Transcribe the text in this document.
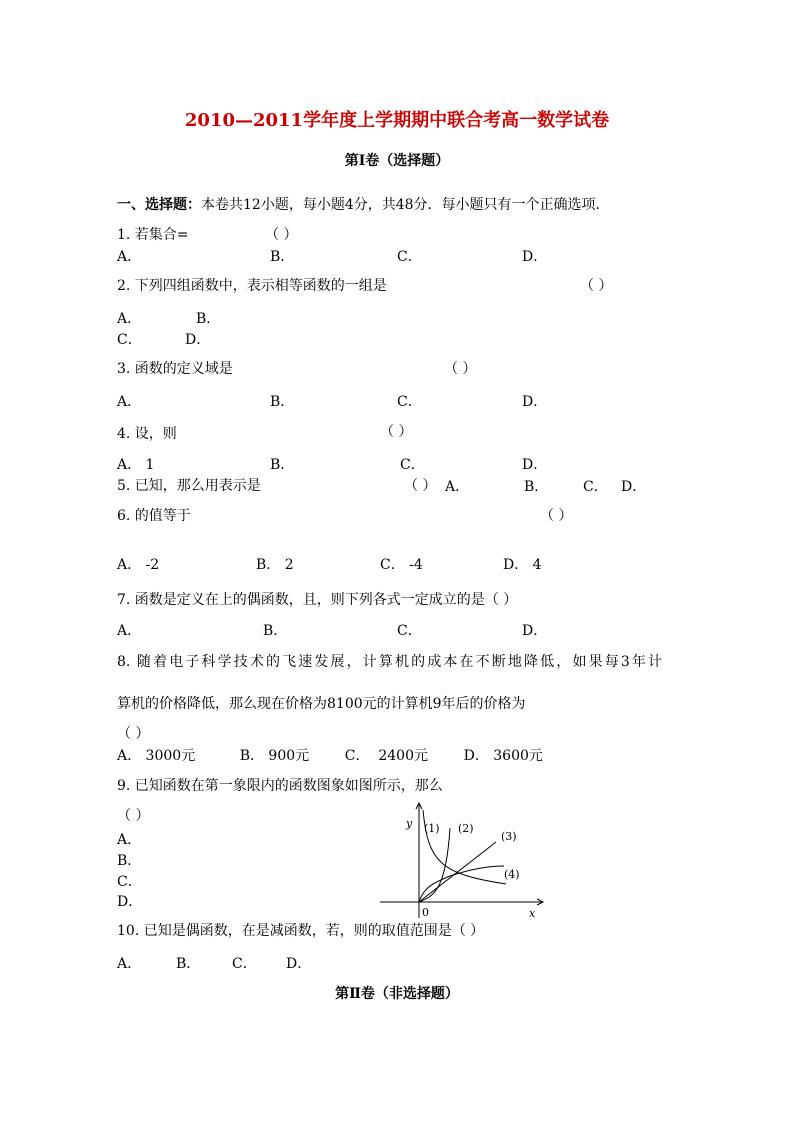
2010—2011学年度上学期期中联合考高一数学试卷
第Ⅰ卷（选择题）
一、选择题：本卷共12小题，每小题4分，共48分．每小题只有一个正确选项．
1. 若集合=	（ ）
A．	B．	C．	D．
2. 下列四组函数中，表示相等函数的一组是	（ ）
A．	B．
C．	D．
3. 函数的定义域是	（ ）
A．	B．	C．	D．
4. 设，则	（ ）
A． 1	B．	C．	D．
5. 已知，那么用表示是	（ ） A．	B． C． D．
6. 的值等于	（ ）
A． -2	B． 2	C． -4	D． 4
7. 函数是定义在上的偶函数，且，则下列各式一定成立的是（ ）
A．	B．	C．	D．
8. 随着电子科学技术的飞速发展，计算机的成本在不断地降低，如果每3年计
算机的价格降低，那么现在价格为8100元的计算机9年后的价格为
（ ）
A． 3000元          B． 900元        C．  2400元        D． 3600元
9. 已知函数在第一象限内的函数图象如图所示，那么
（ ）
A．
B．
C．
D．
y
x
0
(1) (2)
(3)
(4)
10. 已知是偶函数，在是减函数，若，则的取值范围是（ ）
A． B． C． D．
第Ⅱ卷（非选择题）
